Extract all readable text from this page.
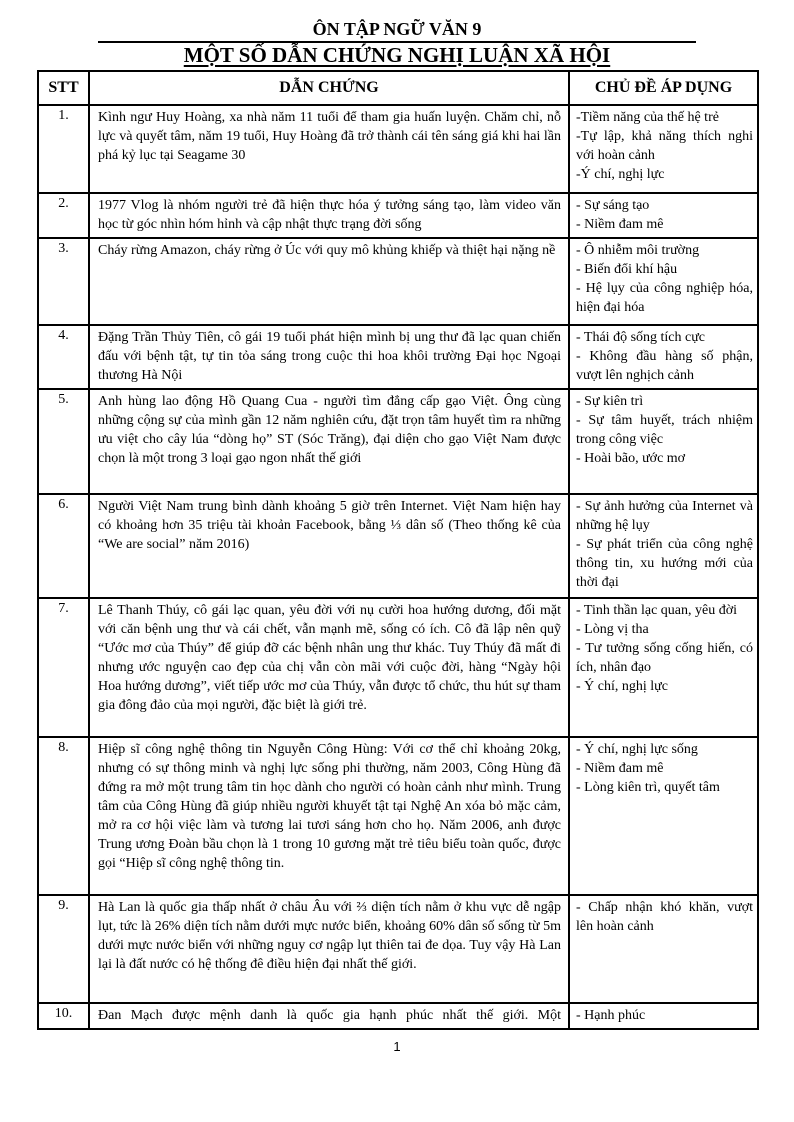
ÔN TẬP NGỮ VĂN 9
MỘT SỐ DẪN CHỨNG NGHỊ LUẬN XÃ HỘI
STT	DẪN CHỨNG	CHỦ ĐỀ ÁP DỤNG
1.	Kình ngư Huy Hoàng, xa nhà năm 11 tuổi để tham gia huấn luyện. Chăm chỉ, nỗ lực và quyết tâm, năm 19 tuổi, Huy Hoàng đã trở thành cái tên sáng giá khi hai lần phá kỷ lục tại Seagame 30	-Tiềm năng của thế hệ trẻ
-Tự lập, khả năng thích nghi với hoàn cảnh
-Ý chí, nghị lực

2.	1977 Vlog là nhóm người trẻ đã hiện thực hóa ý tưởng sáng tạo, làm video văn học từ góc nhìn hóm hỉnh và cập nhật thực trạng đời sống	- Sự sáng tạo
- Niềm đam mê

3.	Cháy rừng Amazon, cháy rừng ở Úc với quy mô khủng khiếp và thiệt hại nặng nề	- Ô nhiễm môi trường
- Biến đổi khí hậu
- Hệ lụy của công nghiệp hóa, hiện đại hóa

4.	Đặng Trần Thủy Tiên, cô gái 19 tuổi phát hiện mình bị ung thư đã lạc quan chiến đấu với bệnh tật, tự tin tỏa sáng trong cuộc thi hoa khôi trường Đại học Ngoại thương Hà Nội	- Thái độ sống tích cực
- Không đầu hàng số phận, vượt lên nghịch cảnh

5.	Anh hùng lao động Hồ Quang Cua - người tìm đẳng cấp gạo Việt. Ông cùng những cộng sự của mình gần 12 năm nghiên cứu, đặt trọn tâm huyết tìm ra những ưu việt cho cây lúa “dòng họ” ST (Sóc Trăng), đại diện cho gạo Việt Nam được chọn là một trong 3 loại gạo ngon nhất thế giới	
- Sự kiên trì
- Sự tâm huyết, trách nhiệm trong công việc
- Hoài bão, ước mơ

6.	Người Việt Nam trung bình dành khoảng 5 giờ trên Internet. Việt Nam hiện hay có khoảng hơn 35 triệu tài khoản Facebook, bằng ⅓ dân số (Theo thống kê của “We are social” năm 2016)	- Sự ảnh hưởng của Internet và những hệ lụy
- Sự phát triển của công nghệ thông tin, xu hướng mới của thời đại

7.	Lê Thanh Thúy, cô gái lạc quan, yêu đời với nụ cười hoa hướng dương, đối mặt với căn bệnh ung thư và cái chết, vẫn mạnh mẽ, sống có ích. Cô đã lập nên quỹ “Ước mơ của Thúy” để giúp đỡ các bệnh nhân ung thư khác. Tuy Thúy đã mất đi nhưng ước nguyện cao đẹp của chị vẫn còn mãi với cuộc đời, hàng “Ngày hội Hoa hướng dương”, viết tiếp ước mơ của Thúy, vẫn được tổ chức, thu hút sự tham gia đông đảo của mọi người, đặc biệt là giới trẻ.	
- Tinh thần lạc quan, yêu đời
- Lòng vị tha
- Tư tưởng sống cống hiến, có ích, nhân đạo
- Ý chí, nghị lực

8.	Hiệp sĩ công nghệ thông tin Nguyễn Công Hùng: Với cơ thể chỉ khoảng 20kg, nhưng có sự thông minh và nghị lực sống phi thường, năm 2003, Công Hùng đã đứng ra mở một trung tâm tin học dành cho người có hoàn cảnh như mình. Trung tâm của Công Hùng đã giúp nhiều người khuyết tật tại Nghệ An xóa bỏ mặc cảm, mở ra cơ hội việc làm và tương lai tươi sáng hơn cho họ. Năm 2006, anh được Trung ương Đoàn bầu chọn là 1 trong 10 gương mặt trẻ tiêu biểu toàn quốc, được gọi “Hiệp sĩ công nghệ thông tin.	
- Ý chí, nghị lực sống
- Niềm đam mê
- Lòng kiên trì, quyết tâm

9.	Hà Lan là quốc gia thấp nhất ở châu Âu với ⅔ diện tích nằm ở khu vực dễ ngập lụt, tức là 26% diện tích nằm dưới mực nước biển, khoảng 60% dân số sống từ 5m dưới mực nước biển với những nguy cơ ngập lụt thiên tai đe dọa. Tuy vậy Hà Lan lại là đất nước có hệ thống đê điều hiện đại nhất thế giới.	- Chấp nhận khó khăn, vượt lên hoàn cảnh

10.	Đan Mạch được mệnh danh là quốc gia hạnh phúc nhất thế giới. Một	- Hạnh phúc
1
